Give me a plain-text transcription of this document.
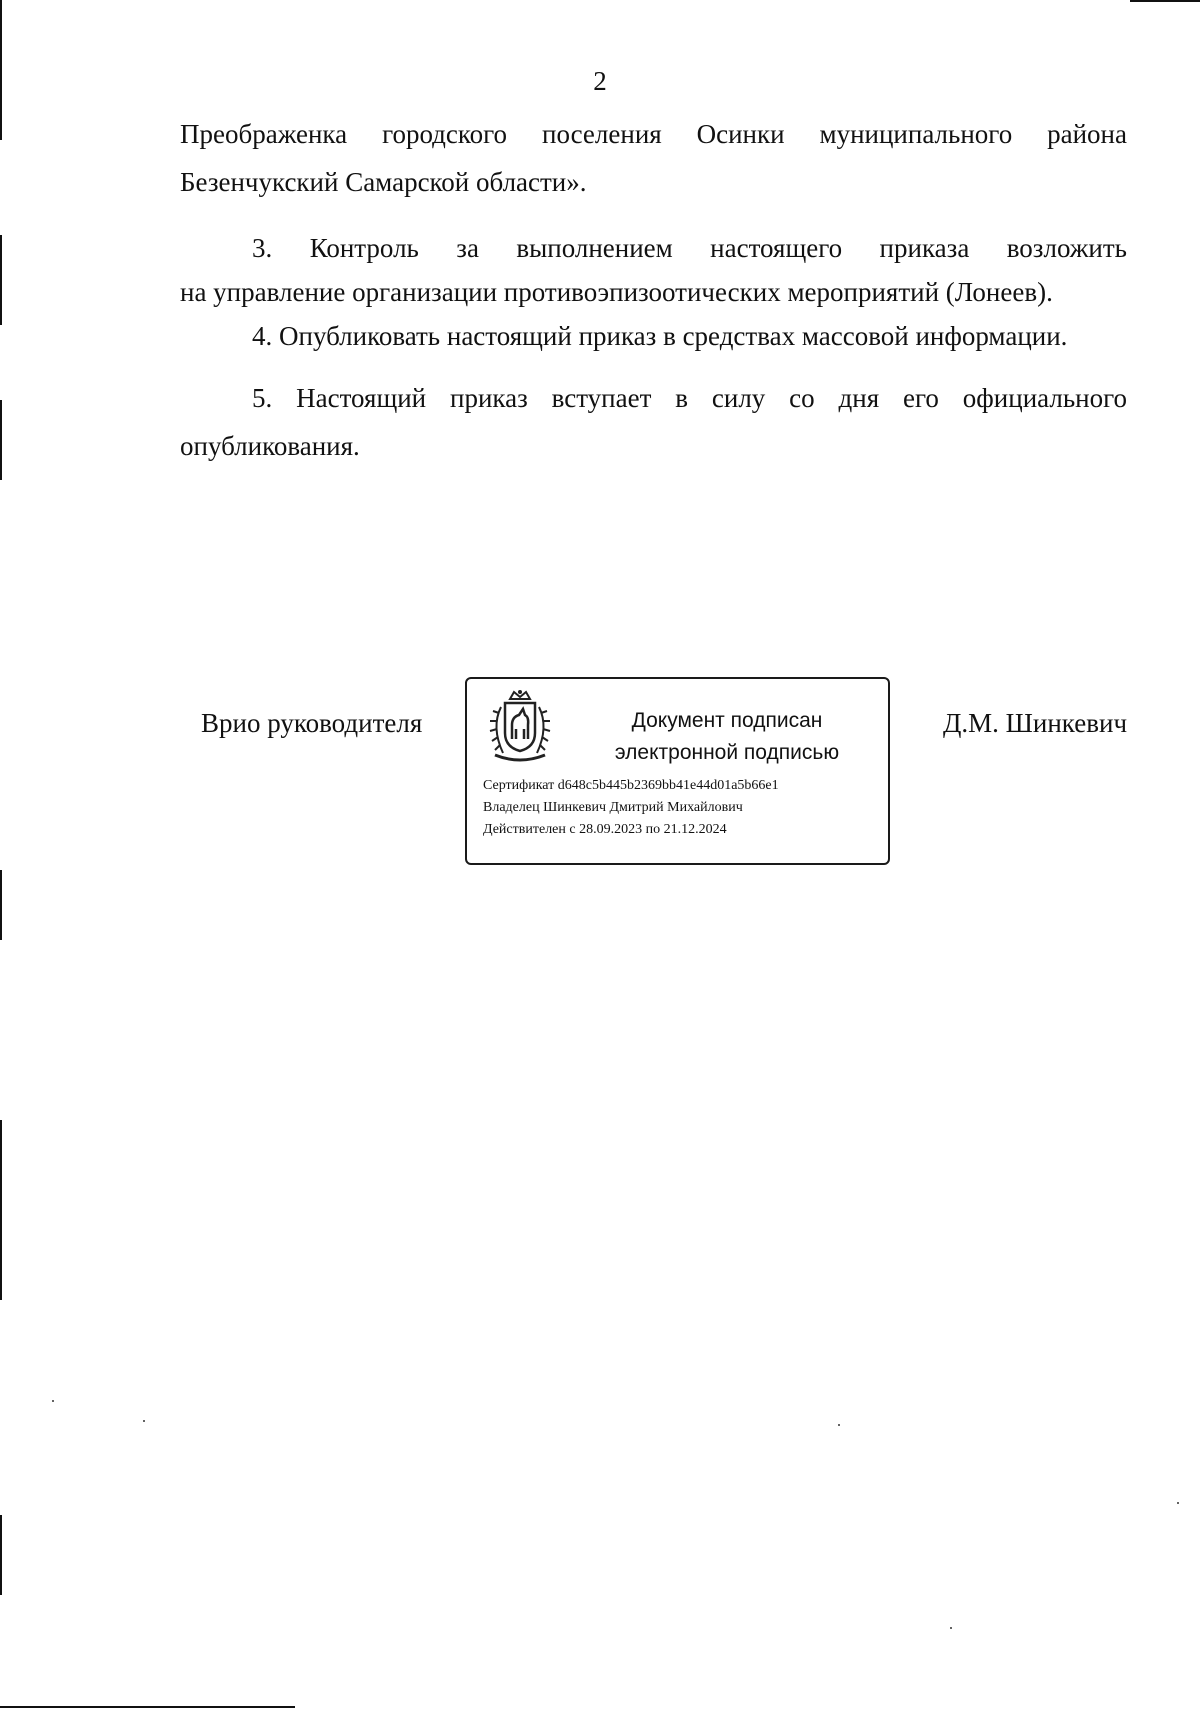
2

Преображенка городского поселения Осинки муниципального района

Безенчукский Самарской области».

3. Контроль за выполнением настоящего приказа возложить

на управление организации противоэпизоотических мероприятий (Лонеев).

4. Опубликовать настоящий приказ в средствах массовой информации.

5. Настоящий приказ вступает в силу со дня его официального

опубликования.

Врио руководителя	Документ подписан
электронной подписью
Сертификат d648c5b445b2369bb41e44d01a5b66e1
Владелец Шинкевич Дмитрий Михайлович
Действителен с 28.09.2023 по 21.12.2024
Д.М. Шинкевич
